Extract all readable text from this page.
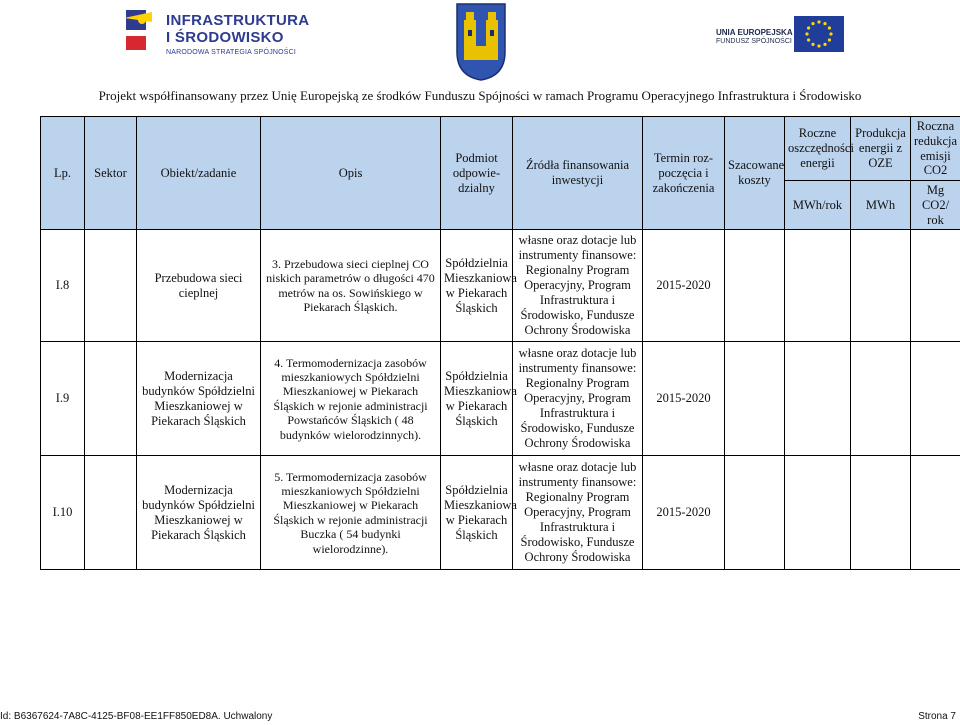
INFRASTRUKTURA
I ŚRODOWISKO
NARODOWA STRATEGIA SPÓJNOŚCI
UNIA EUROPEJSKA
FUNDUSZ SPÓJNOŚCI
Projekt współfinansowany przez Unię Europejską ze środków Funduszu Spójności w ramach Programu Operacyjnego Infrastruktura i Środowisko
Lp.	Sektor	Obiekt/zadanie	Opis	Podmiot odpowie-dzialny	Źródła finansowania inwestycji	Termin roz-poczęcia i zakończenia	Szacowane koszty	Roczne oszczędności energii	Produkcja energii z OZE	Roczna redukcja emisji CO2
								MWh/rok	MWh	Mg CO2/ rok
I.8		Przebudowa sieci cieplnej	3. Przebudowa sieci cieplnej CO niskich parametrów o długości 470 metrów na os. Sowińskiego w Piekarach Śląskich.	Spółdzielnia Mieszkaniowa w Piekarach Śląskich	własne oraz dotacje lub instrumenty finansowe: Regionalny Program Operacyjny, Program Infrastruktura i Środowisko, Fundusze Ochrony Środowiska	2015-2020				
I.9		Modernizacja budynków Spółdzielni Mieszkaniowej w Piekarach Śląskich	4. Termomodernizacja zasobów mieszkaniowych Spółdzielni Mieszkaniowej w Piekarach Śląskich w rejonie administracji Powstańców Śląskich ( 48 budynków wielorodzinnych).	Spółdzielnia Mieszkaniowa w Piekarach Śląskich	własne oraz dotacje lub instrumenty finansowe: Regionalny Program Operacyjny, Program Infrastruktura i Środowisko, Fundusze Ochrony Środowiska	2015-2020				
I.10		Modernizacja budynków Spółdzielni Mieszkaniowej w Piekarach Śląskich	5. Termomodernizacja zasobów mieszkaniowych Spółdzielni Mieszkaniowej w Piekarach Śląskich w rejonie administracji Buczka ( 54 budynki wielorodzinne).	Spółdzielnia Mieszkaniowa w Piekarach Śląskich	własne oraz dotacje lub instrumenty finansowe: Regionalny Program Operacyjny, Program Infrastruktura i Środowisko, Fundusze Ochrony Środowiska	2015-2020				
Id: B6367624-7A8C-4125-BF08-EE1FF850ED8A. Uchwalony	Strona 7
